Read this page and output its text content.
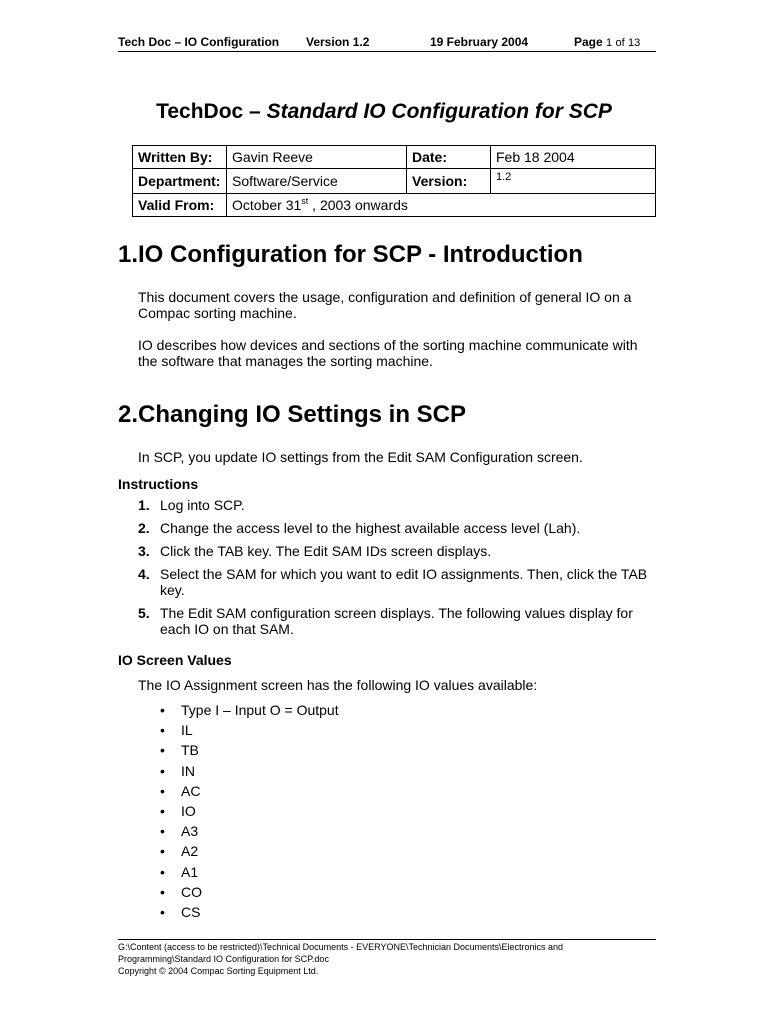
Tech Doc – IO Configuration Version 1.2	19 February 2004	Page 1 of 13
TechDoc – Standard IO Configuration for SCP
Written By:	Gavin Reeve	Date:	Feb 18 2004
Department:	Software/Service	Version:	1.2
Valid From:	October 31st , 2003 onwards		
1.IO Configuration for SCP - Introduction

This document covers the usage, configuration and definition of general IO on a Compac sorting machine.

IO describes how devices and sections of the sorting machine communicate with the software that manages the sorting machine.

2.Changing IO Settings in SCP

In SCP, you update IO settings from the Edit SAM Configuration screen.

Instructions
1. Log into SCP.
2. Change the access level to the highest available access level (Lah).
3. Click the TAB key. The Edit SAM IDs screen displays.
4. Select the SAM for which you want to edit IO assignments. Then, click the TAB key.
5. The Edit SAM configuration screen displays. The following values display for each IO on that SAM.
IO Screen Values

The IO Assignment screen has the following IO values available:

• Type I – Input O = Output
• IL
• TB
• IN
• AC
• IO
• A3
• A2
• A1
• CO
• CS
G:\Content (access to be restricted)\Technical Documents - EVERYONE\Technician Documents\Electronics and Programming\Standard IO Configuration for SCP.doc
Copyright © 2004 Compac Sorting Equipment Ltd.
